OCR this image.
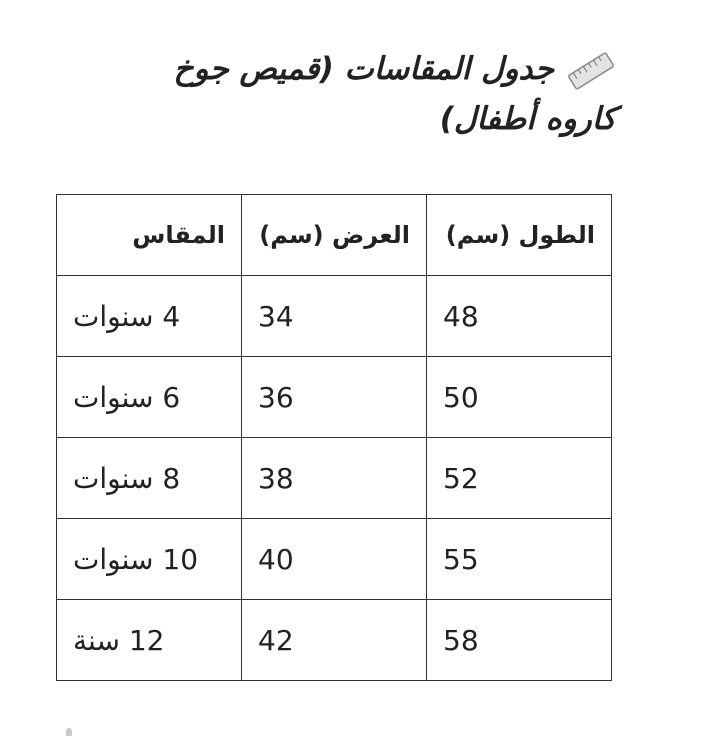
جدول المقاسات (قميص جوخ كاروه أطفال)
الطول (سم)	العرض (سم)	المقاس
48	34	4 سنوات
50	36	6 سنوات
52	38	8 سنوات
55	40	10 سنوات
58	42	12 سنة
